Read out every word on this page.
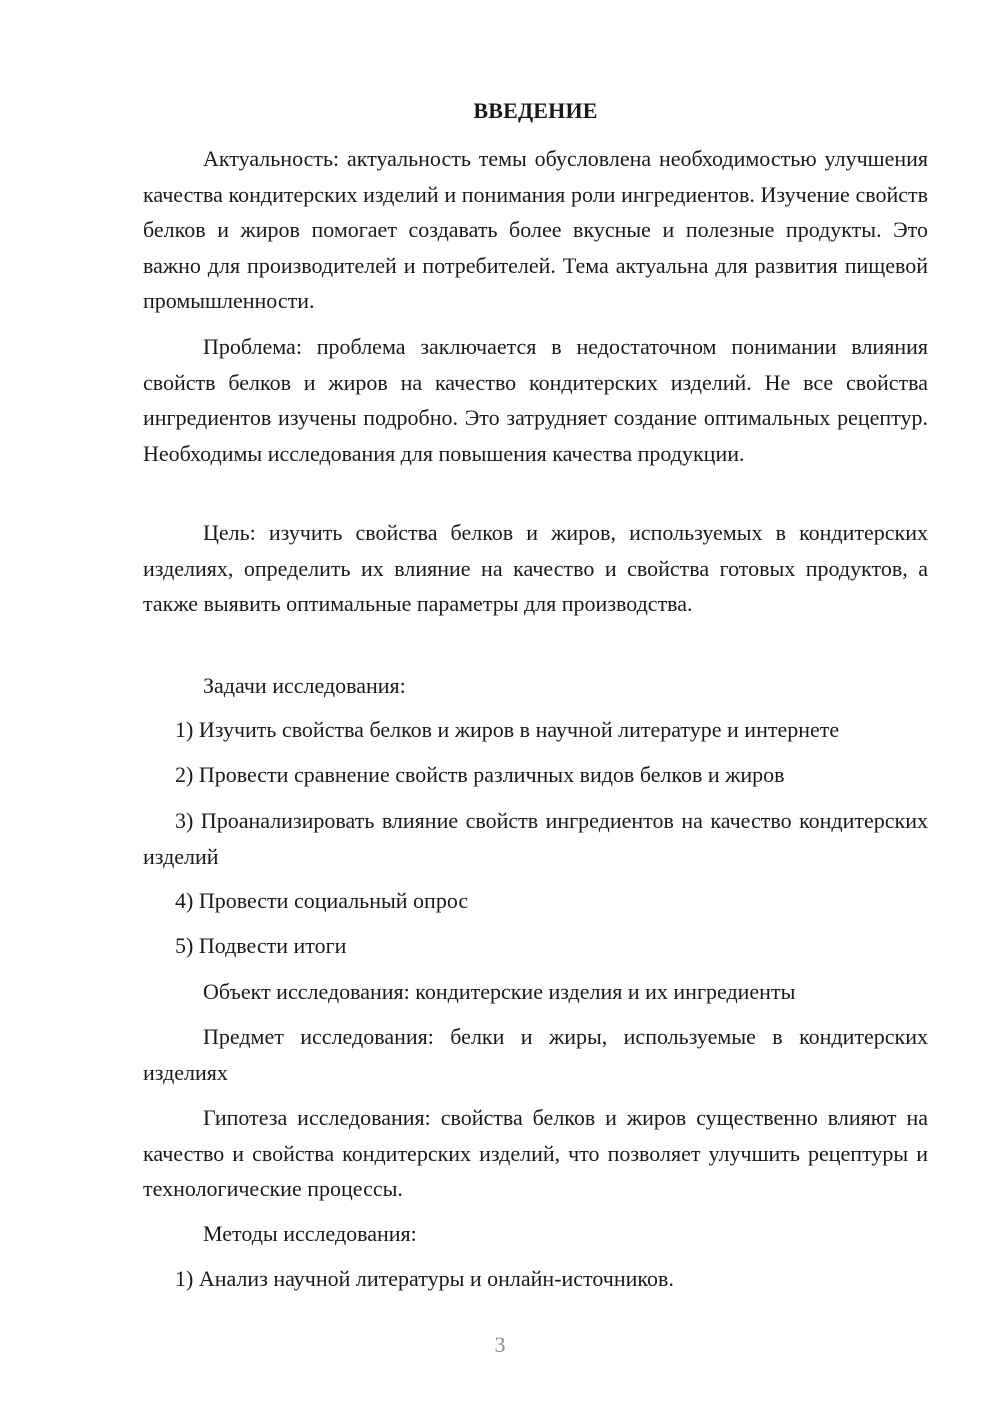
ВВЕДЕНИЕ
Актуальность: актуальность темы обусловлена необходимостью улучшения качества кондитерских изделий и понимания роли ингредиентов. Изучение свойств белков и жиров помогает создавать более вкусные и полезные продукты. Это важно для производителей и потребителей. Тема актуальна для развития пищевой промышленности.
Проблема: проблема заключается в недостаточном понимании влияния свойств белков и жиров на качество кондитерских изделий. Не все свойства ингредиентов изучены подробно. Это затрудняет создание оптимальных рецептур. Необходимы исследования для повышения качества продукции.
Цель: изучить свойства белков и жиров, используемых в кондитерских изделиях, определить их влияние на качество и свойства готовых продуктов, а также выявить оптимальные параметры для производства.
Задачи исследования:
1) Изучить свойства белков и жиров в научной литературе и интернете
2) Провести сравнение свойств различных видов белков и жиров
3) Проанализировать влияние свойств ингредиентов на качество кондитерских изделий
4) Провести социальный опрос
5) Подвести итоги
Объект исследования: кондитерские изделия и их ингредиенты
Предмет исследования: белки и жиры, используемые в кондитерских изделиях
Гипотеза исследования: свойства белков и жиров существенно влияют на качество и свойства кондитерских изделий, что позволяет улучшить рецептуры и технологические процессы.
Методы исследования:
1) Анализ научной литературы и онлайн-источников.
3
